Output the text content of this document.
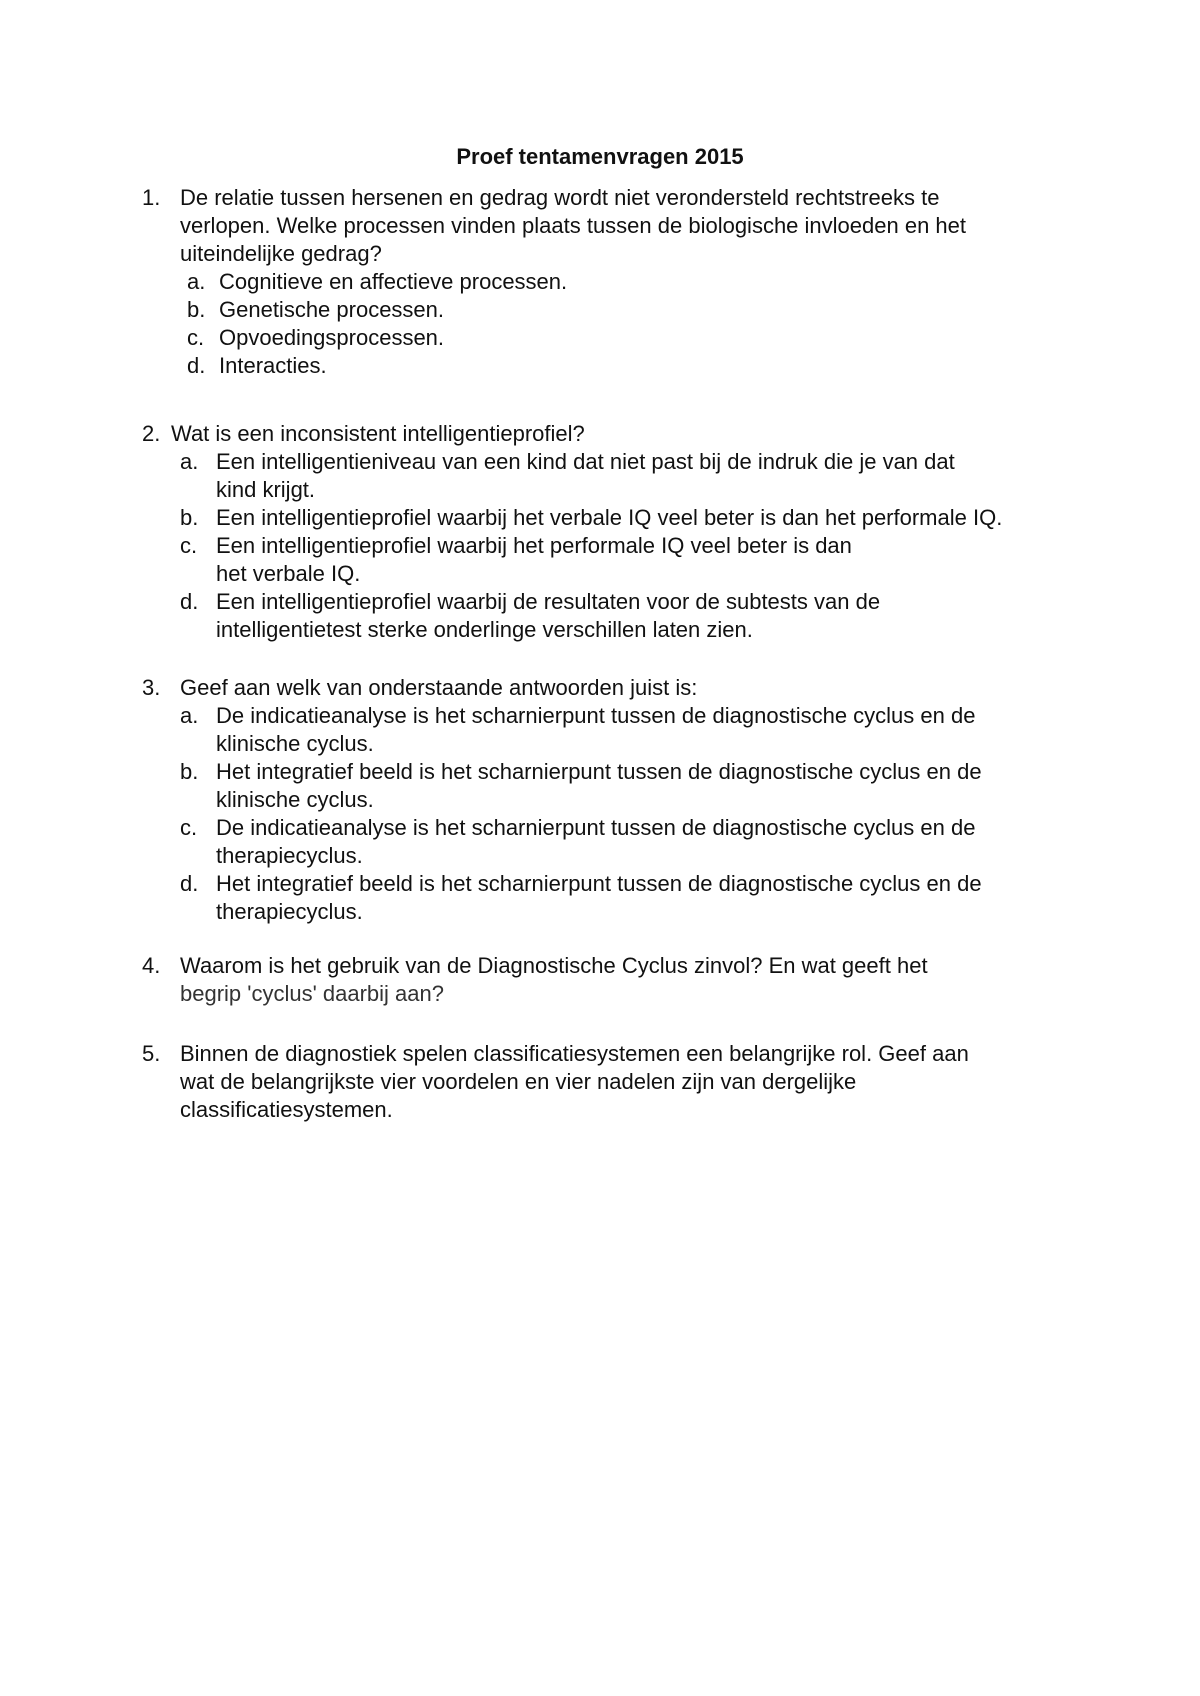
Proef tentamenvragen 2015
1. De relatie tussen hersenen en gedrag wordt niet verondersteld rechtstreeks te
verlopen. Welke processen vinden plaats tussen de biologische invloeden en het
uiteindelijke gedrag?
a. Cognitieve en affectieve processen.
b. Genetische processen.
c. Opvoedingsprocessen.
d. Interacties.
2. Wat is een inconsistent intelligentieprofiel?
a. Een intelligentieniveau van een kind dat niet past bij de indruk die je van dat
kind krijgt.
b. Een intelligentieprofiel waarbij het verbale IQ veel beter is dan het performale IQ.
c. Een intelligentieprofiel waarbij het performale IQ veel beter is dan
het verbale IQ.
d. Een intelligentieprofiel waarbij de resultaten voor de subtests van de
intelligentietest sterke onderlinge verschillen laten zien.
3. Geef aan welk van onderstaande antwoorden juist is:
a. De indicatieanalyse is het scharnierpunt tussen de diagnostische cyclus en de
klinische cyclus.
b. Het integratief beeld is het scharnierpunt tussen de diagnostische cyclus en de
klinische cyclus.
c. De indicatieanalyse is het scharnierpunt tussen de diagnostische cyclus en de
therapiecyclus.
d. Het integratief beeld is het scharnierpunt tussen de diagnostische cyclus en de
therapiecyclus.
4. Waarom is het gebruik van de Diagnostische Cyclus zinvol? En wat geeft het
begrip 'cyclus' daarbij aan?
5. Binnen de diagnostiek spelen classificatiesystemen een belangrijke rol. Geef aan
wat de belangrijkste vier voordelen en vier nadelen zijn van dergelijke
classificatiesystemen.
